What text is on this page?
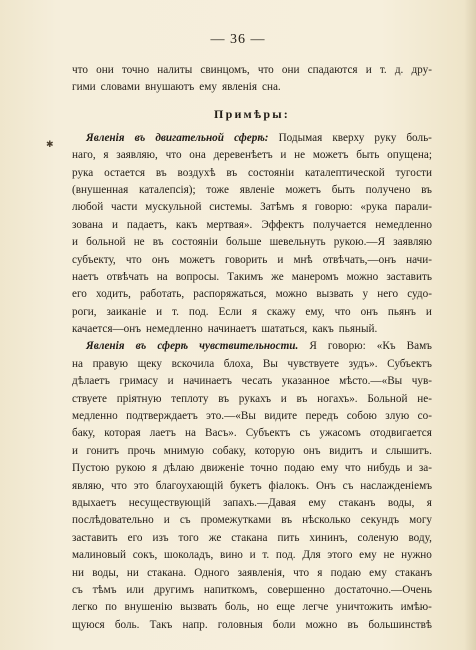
— 36 —
✱
что они точно налиты свинцомъ, что они спадаются и т. д. дру-
гими словами внушаютъ ему явленія сна.
Примѣры:
Явленія въ двигательной сферѣ: Подымая кверху руку боль-
наго, я заявляю, что она деревенѣетъ и не можетъ быть опущена;
рука остается въ воздухѣ въ состояніи каталептической тугости
(внушенная каталепсія); тоже явленіе можетъ быть получено въ
любой части мускульной системы. Затѣмъ я говорю: «рука парали-
зована и падаетъ, какъ мертвая». Эффектъ получается немедленно
и больной не въ состояніи больше шевельнуть рукою.—Я заявляю
субъекту, что онъ можетъ говорить и мнѣ отвѣчать,—онъ начи-
наетъ отвѣчать на вопросы. Такимъ же манеромъ можно заставить
его ходить, работать, распоряжаться, можно вызвать у него судо-
роги, заиканіе и т. под. Если я скажу ему, что онъ пьянъ и
качается—онъ немедленно начинаетъ шататься, какъ пьяный.
Явленія въ сферѣ чувствительности. Я говорю: «Къ Вамъ
на правую щеку вскочила блоха, Вы чувствуете зудъ». Субъектъ
дѣлаетъ гримасу и начинаетъ чесать указанное мѣсто.—«Вы чув-
ствуете пріятную теплоту въ рукахъ и въ ногахъ». Больной не-
медленно подтверждаетъ это.—«Вы видите передъ собою злую со-
баку, которая лаетъ на Васъ». Субъектъ съ ужасомъ отодвигается
и гонитъ прочь мнимую собаку, которую онъ видитъ и слышитъ.
Пустою рукою я дѣлаю движеніе точно подаю ему что нибудь и за-
являю, что это благоухающій букетъ фіалокъ. Онъ съ наслажденіемъ
вдыхаетъ несуществующій запахъ.—Давая ему стаканъ воды, я
послѣдовательно и съ промежутками въ нѣсколько секундъ могу
заставить его изъ того же стакана пить хининъ, соленую воду,
малиновый сокъ, шоколадъ, вино и т. под. Для этого ему не нужно
ни воды, ни стакана. Одного заявленія, что я подаю ему стаканъ
съ тѣмъ или другимъ напиткомъ, совершенно достаточно.—Очень
легко по внушенію вызвать боль, но еще легче уничтожить имѣю-
щуюся боль. Такъ напр. головныя боли можно въ большинствѣ
